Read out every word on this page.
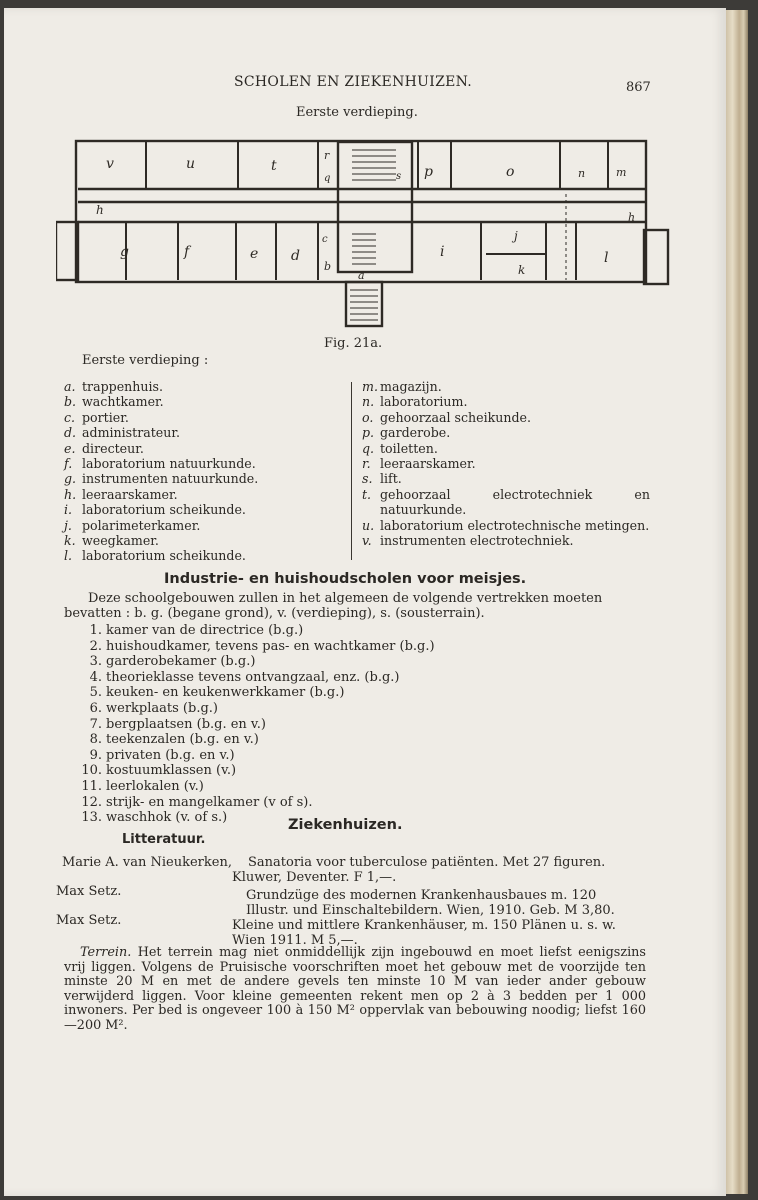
SCHOLEN EN ZIEKENHUIZEN.	867
Eerste verdieping.
v	u	t
r
q	s p	o	n	m
h
h
g	f	e d
c
b
a
i
j
k
l
Fig. 21a.
Eerste verdieping :
a. trappenhuis.
b. wachtkamer.
c. portier.
d. administrateur.
e. directeur.
f. laboratorium natuurkunde.
g. instrumenten natuurkunde.
h. leeraarskamer.
i. laboratorium scheikunde.
j. polarimeterkamer.
k. weegkamer.
l. laboratorium scheikunde.
m. magazijn.
n. laboratorium.
o. gehoorzaal scheikunde.
p. garderobe.
q. toiletten.
r. leeraarskamer.
s. lift.
t. gehoorzaal electrotechniek en natuurkunde.
u. laboratorium electrotechnische metingen.
v. instrumenten electrotechniek.
Industrie- en huishoudscholen voor meisjes.
Deze schoolgebouwen zullen in het algemeen de volgende vertrekken moeten
bevatten : b. g. (begane grond), v. (verdieping), s. (sousterrain).
1. kamer van de directrice (b.g.)
2. huishoudkamer, tevens pas- en wachtkamer (b.g.)
3. garderobekamer (b.g.)
4. theorieklasse tevens ontvangzaal, enz. (b.g.)
5. keuken- en keukenwerkkamer (b.g.)
6. werkplaats (b.g.)
7. bergplaatsen (b.g. en v.)
8. teekenzalen (b.g. en v.)
9. privaten (b.g. en v.)
10. kostuumklassen (v.)
11. leerlokalen (v.)
12. strijk- en mangelkamer (v of s).
13. waschhok (v. of s.)	Ziekenhuizen.
Litteratuur.
Marie A. van Nieukerken, Sanatoria voor tuberculose patiënten. Met 27 figuren.
Kluwer, Deventer. F 1,—.
Max Setz.	Grundzüge des modernen Krankenhausbaues m. 120
Illustr. und Einschaltebildern. Wien, 1910. Geb. M 3,80.
Max Setz.	Kleine und mittlere Krankenhäuser, m. 150 Plänen u. s. w.
Wien 1911. M 5,—.
Terrein. Het terrein mag niet onmiddellijk zijn ingebouwd en moet liefst eenigszins vrij liggen. Volgens de Pruisische voorschriften moet het gebouw met de voorzijde ten minste 20 M en met de andere gevels ten minste 10 M van ieder ander gebouw verwijderd liggen. Voor kleine gemeenten rekent men op 2 à 3 bedden per 1 000 inwoners. Per bed is ongeveer 100 à 150 M² oppervlak van bebouwing noodig; liefst 160—200 M².
